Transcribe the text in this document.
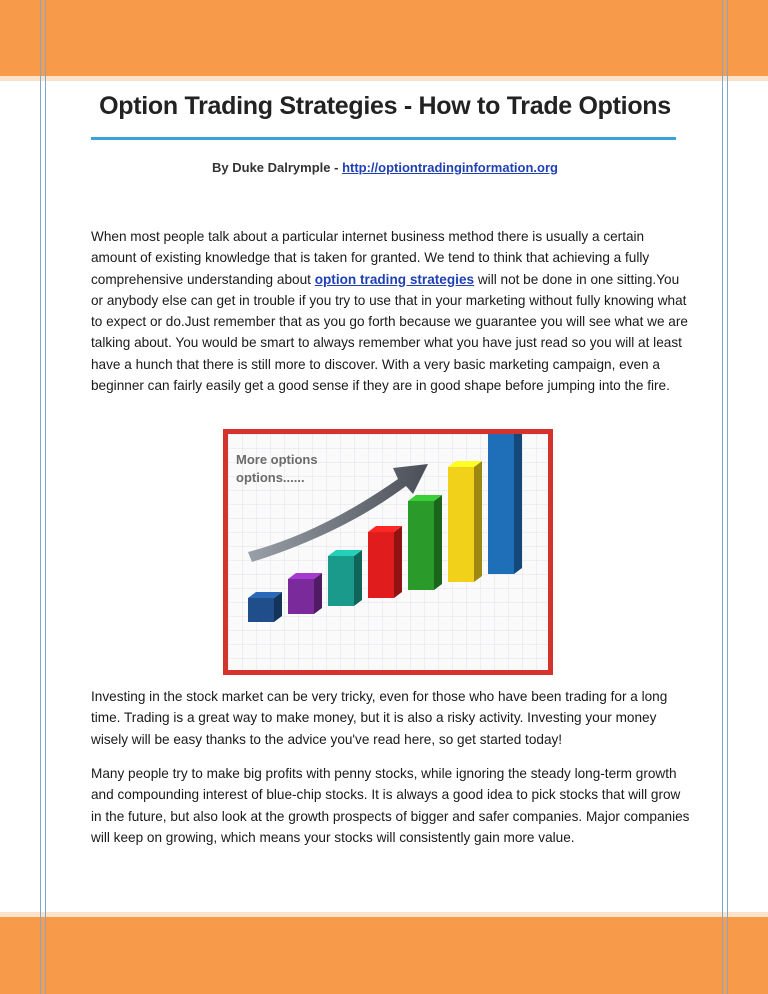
Option Trading Strategies - How to Trade Options
By Duke Dalrymple - http://optiontradinginformation.org

When most people talk about a particular internet business method there is usually a certain amount of existing knowledge that is taken for granted. We tend to think that achieving a fully comprehensive understanding about option trading strategies will not be done in one sitting.You or anybody else can get in trouble if you try to use that in your marketing without fully knowing what to expect or do.Just remember that as you go forth because we guarantee you will see what we are talking about. You would be smart to always remember what you have just read so you will at least have a hunch that there is still more to discover. With a very basic marketing campaign, even a beginner can fairly easily get a good sense if they are in good shape before jumping into the fire.

More options
options......

Investing in the stock market can be very tricky, even for those who have been trading for a long time. Trading is a great way to make money, but it is also a risky activity. Investing your money wisely will be easy thanks to the advice you've read here, so get started today!

Many people try to make big profits with penny stocks, while ignoring the steady long-term growth and compounding interest of blue-chip stocks. It is always a good idea to pick stocks that will grow in the future, but also look at the growth prospects of bigger and safer companies. Major companies will keep on growing, which means your stocks will consistently gain more value.
